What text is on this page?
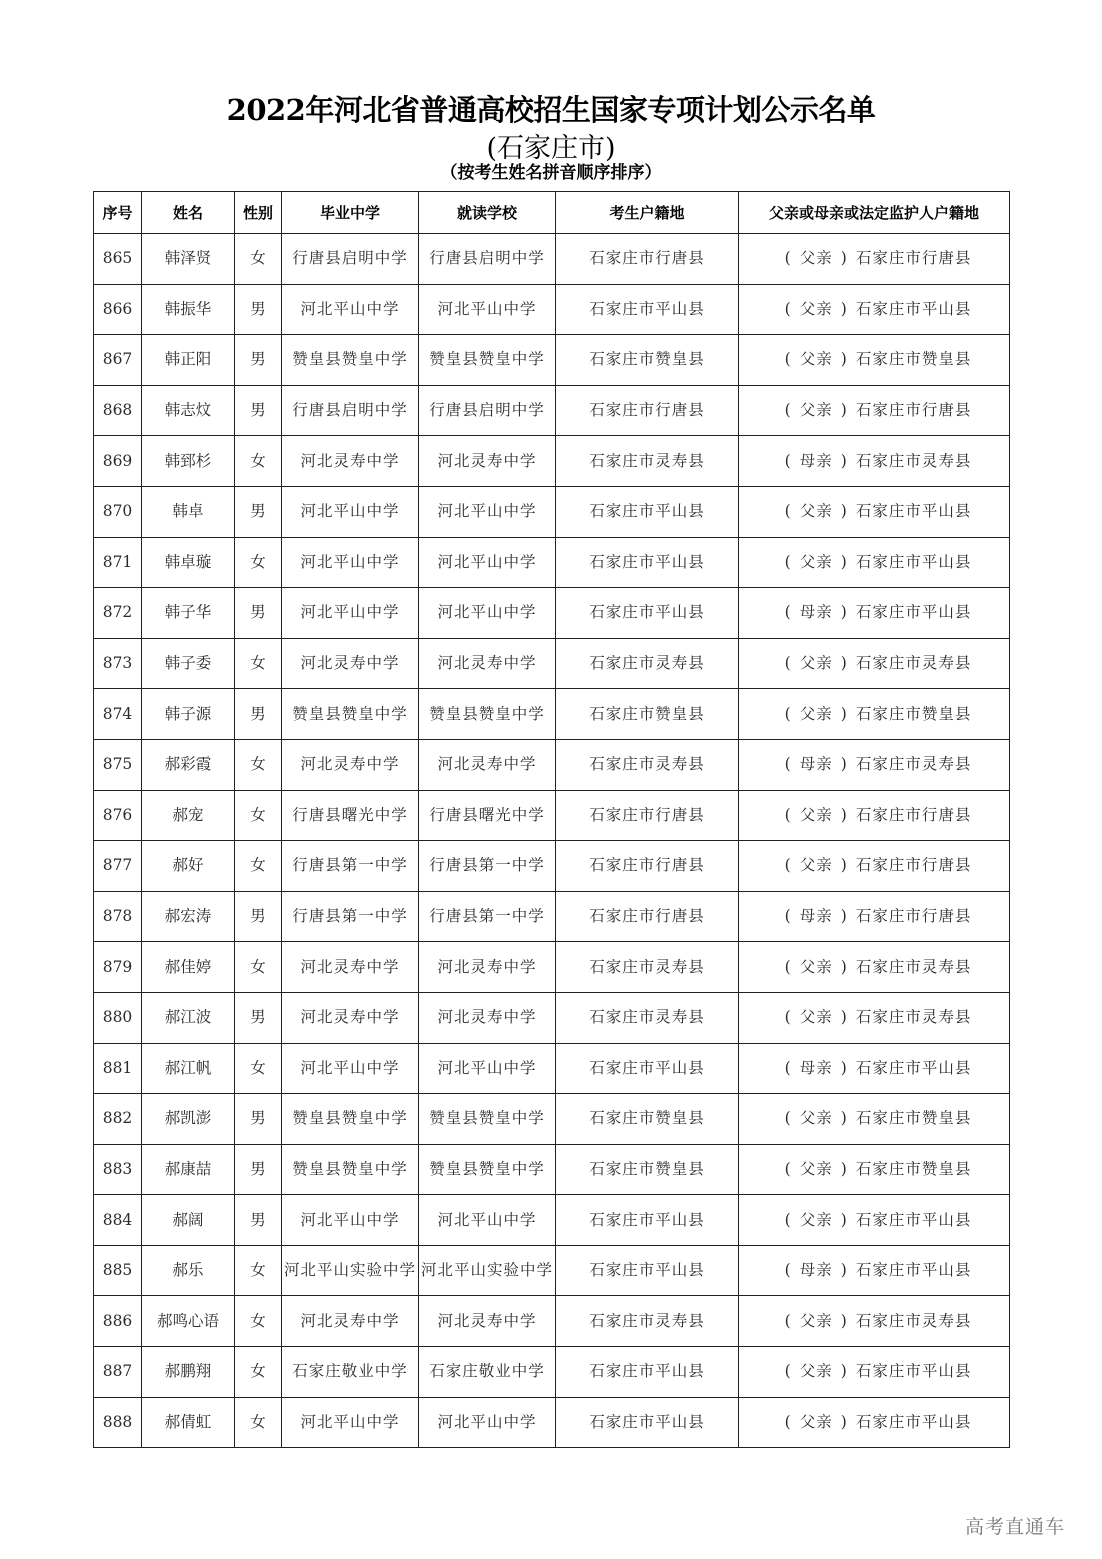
2022年河北省普通高校招生国家专项计划公示名单
(石家庄市)
（按考生姓名拼音顺序排序）
序号	姓名	性别	毕业中学	就读学校	考生户籍地	父亲或母亲或法定监护人户籍地
865	韩泽贤	女	行唐县启明中学	行唐县启明中学	石家庄市行唐县	( 父亲 ) 石家庄市行唐县
866	韩振华	男	河北平山中学	河北平山中学	石家庄市平山县	( 父亲 ) 石家庄市平山县
867	韩正阳	男	赞皇县赞皇中学	赞皇县赞皇中学	石家庄市赞皇县	( 父亲 ) 石家庄市赞皇县
868	韩志炆	男	行唐县启明中学	行唐县启明中学	石家庄市行唐县	( 父亲 ) 石家庄市行唐县
869	韩郅杉	女	河北灵寿中学	河北灵寿中学	石家庄市灵寿县	( 母亲 ) 石家庄市灵寿县
870	韩卓	男	河北平山中学	河北平山中学	石家庄市平山县	( 父亲 ) 石家庄市平山县
871	韩卓璇	女	河北平山中学	河北平山中学	石家庄市平山县	( 父亲 ) 石家庄市平山县
872	韩子华	男	河北平山中学	河北平山中学	石家庄市平山县	( 母亲 ) 石家庄市平山县
873	韩子委	女	河北灵寿中学	河北灵寿中学	石家庄市灵寿县	( 父亲 ) 石家庄市灵寿县
874	韩子源	男	赞皇县赞皇中学	赞皇县赞皇中学	石家庄市赞皇县	( 父亲 ) 石家庄市赞皇县
875	郝彩霞	女	河北灵寿中学	河北灵寿中学	石家庄市灵寿县	( 母亲 ) 石家庄市灵寿县
876	郝宠	女	行唐县曙光中学	行唐县曙光中学	石家庄市行唐县	( 父亲 ) 石家庄市行唐县
877	郝好	女	行唐县第一中学	行唐县第一中学	石家庄市行唐县	( 父亲 ) 石家庄市行唐县
878	郝宏涛	男	行唐县第一中学	行唐县第一中学	石家庄市行唐县	( 母亲 ) 石家庄市行唐县
879	郝佳婷	女	河北灵寿中学	河北灵寿中学	石家庄市灵寿县	( 父亲 ) 石家庄市灵寿县
880	郝江波	男	河北灵寿中学	河北灵寿中学	石家庄市灵寿县	( 父亲 ) 石家庄市灵寿县
881	郝江帆	女	河北平山中学	河北平山中学	石家庄市平山县	( 母亲 ) 石家庄市平山县
882	郝凯澎	男	赞皇县赞皇中学	赞皇县赞皇中学	石家庄市赞皇县	( 父亲 ) 石家庄市赞皇县
883	郝康喆	男	赞皇县赞皇中学	赞皇县赞皇中学	石家庄市赞皇县	( 父亲 ) 石家庄市赞皇县
884	郝阔	男	河北平山中学	河北平山中学	石家庄市平山县	( 父亲 ) 石家庄市平山县
885	郝乐	女	河北平山实验中学	河北平山实验中学	石家庄市平山县	( 母亲 ) 石家庄市平山县
886	郝鸣心语	女	河北灵寿中学	河北灵寿中学	石家庄市灵寿县	( 父亲 ) 石家庄市灵寿县
887	郝鹏翔	女	石家庄敬业中学	石家庄敬业中学	石家庄市平山县	( 父亲 ) 石家庄市平山县
888	郝倩虹	女	河北平山中学	河北平山中学	石家庄市平山县	( 父亲 ) 石家庄市平山县
高考直通车
